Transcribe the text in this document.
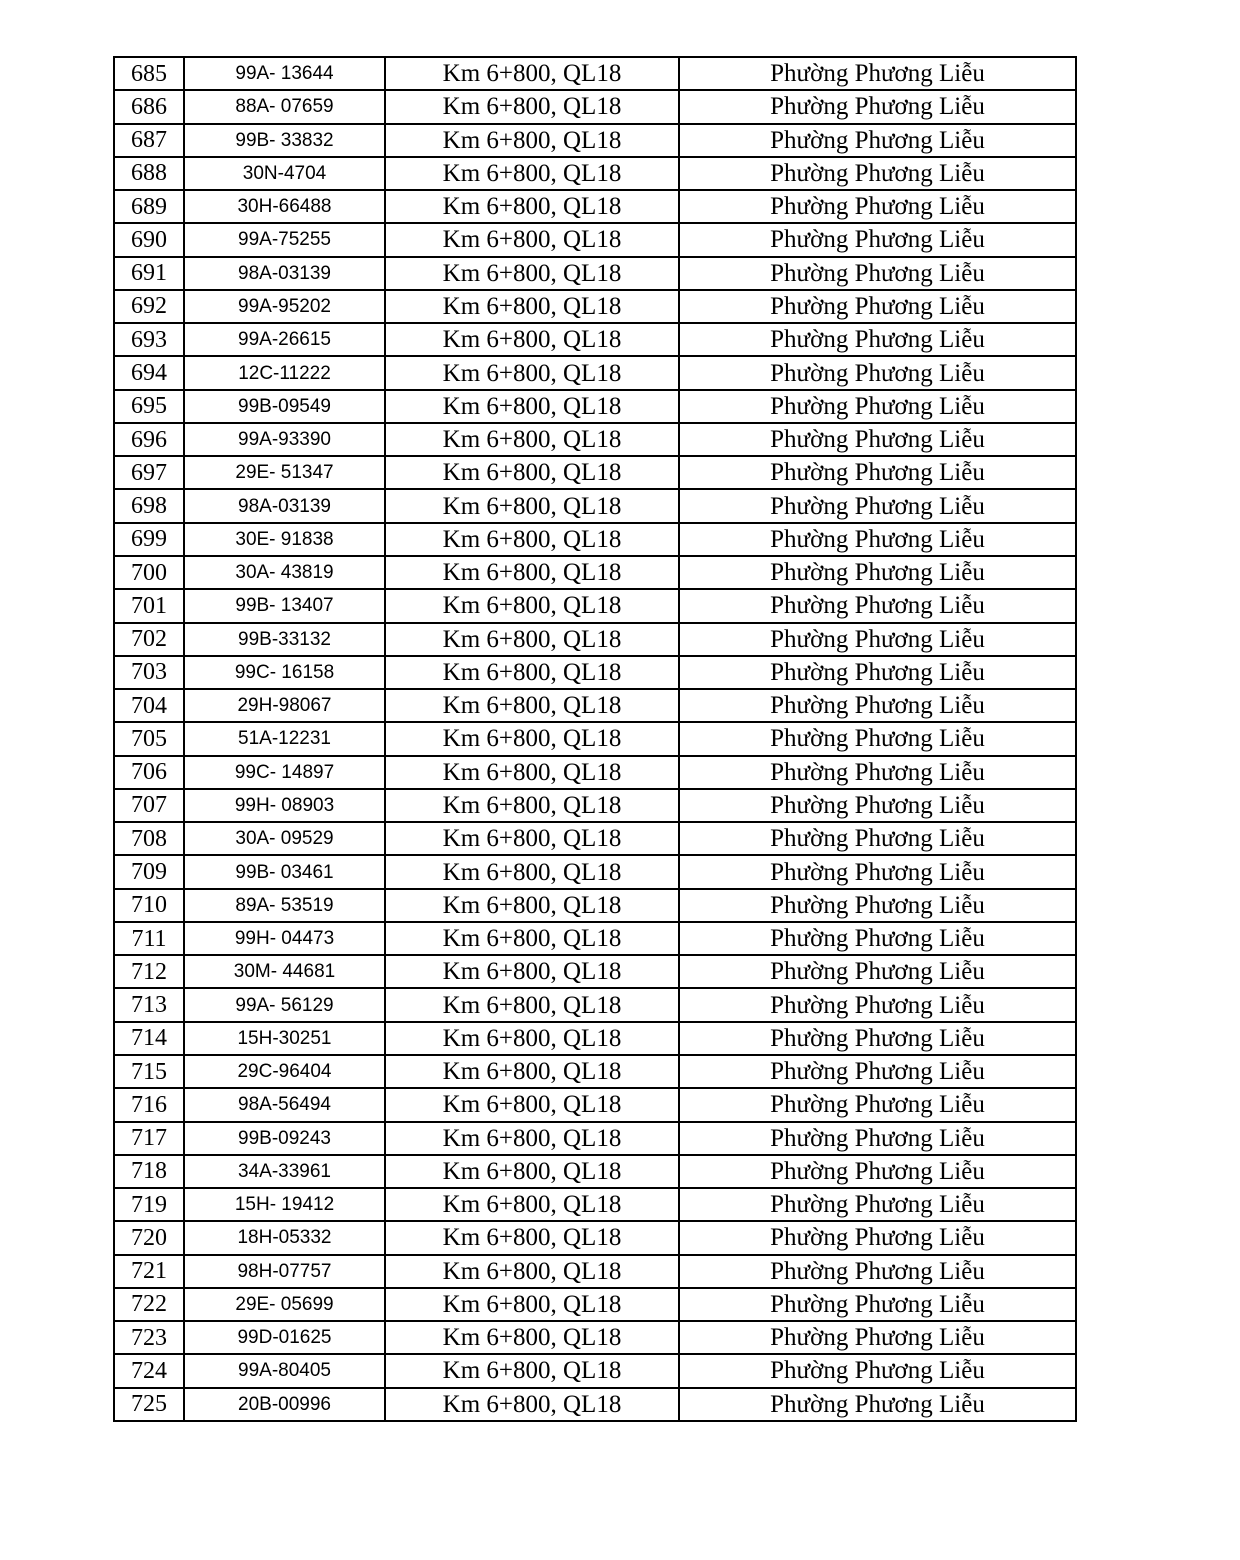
685	99A- 13644	Km 6+800, QL18	Phường Phương Liễu
686	88A- 07659	Km 6+800, QL18	Phường Phương Liễu
687	99B- 33832	Km 6+800, QL18	Phường Phương Liễu
688	30N-4704	Km 6+800, QL18	Phường Phương Liễu
689	30H-66488	Km 6+800, QL18	Phường Phương Liễu
690	99A-75255	Km 6+800, QL18	Phường Phương Liễu
691	98A-03139	Km 6+800, QL18	Phường Phương Liễu
692	99A-95202	Km 6+800, QL18	Phường Phương Liễu
693	99A-26615	Km 6+800, QL18	Phường Phương Liễu
694	12C-11222	Km 6+800, QL18	Phường Phương Liễu
695	99B-09549	Km 6+800, QL18	Phường Phương Liễu
696	99A-93390	Km 6+800, QL18	Phường Phương Liễu
697	29E- 51347	Km 6+800, QL18	Phường Phương Liễu
698	98A-03139	Km 6+800, QL18	Phường Phương Liễu
699	30E- 91838	Km 6+800, QL18	Phường Phương Liễu
700	30A- 43819	Km 6+800, QL18	Phường Phương Liễu
701	99B- 13407	Km 6+800, QL18	Phường Phương Liễu
702	99B-33132	Km 6+800, QL18	Phường Phương Liễu
703	99C- 16158	Km 6+800, QL18	Phường Phương Liễu
704	29H-98067	Km 6+800, QL18	Phường Phương Liễu
705	51A-12231	Km 6+800, QL18	Phường Phương Liễu
706	99C- 14897	Km 6+800, QL18	Phường Phương Liễu
707	99H- 08903	Km 6+800, QL18	Phường Phương Liễu
708	30A- 09529	Km 6+800, QL18	Phường Phương Liễu
709	99B- 03461	Km 6+800, QL18	Phường Phương Liễu
710	89A- 53519	Km 6+800, QL18	Phường Phương Liễu
711	99H- 04473	Km 6+800, QL18	Phường Phương Liễu
712	30M- 44681	Km 6+800, QL18	Phường Phương Liễu
713	99A- 56129	Km 6+800, QL18	Phường Phương Liễu
714	15H-30251	Km 6+800, QL18	Phường Phương Liễu
715	29C-96404	Km 6+800, QL18	Phường Phương Liễu
716	98A-56494	Km 6+800, QL18	Phường Phương Liễu
717	99B-09243	Km 6+800, QL18	Phường Phương Liễu
718	34A-33961	Km 6+800, QL18	Phường Phương Liễu
719	15H- 19412	Km 6+800, QL18	Phường Phương Liễu
720	18H-05332	Km 6+800, QL18	Phường Phương Liễu
721	98H-07757	Km 6+800, QL18	Phường Phương Liễu
722	29E- 05699	Km 6+800, QL18	Phường Phương Liễu
723	99D-01625	Km 6+800, QL18	Phường Phương Liễu
724	99A-80405	Km 6+800, QL18	Phường Phương Liễu
725	20B-00996	Km 6+800, QL18	Phường Phương Liễu
